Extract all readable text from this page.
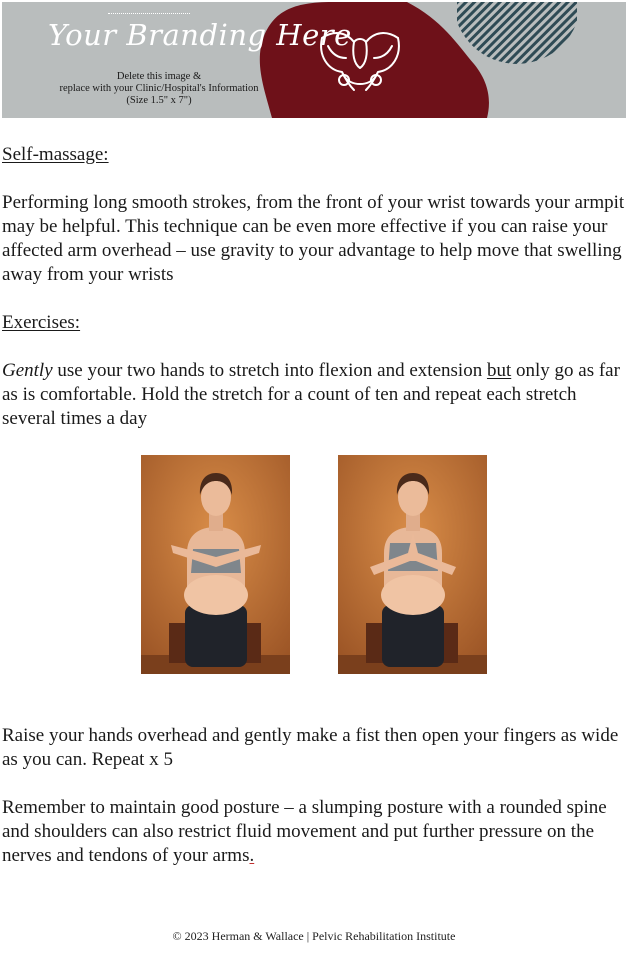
Your Branding Here
Delete this image &
replace with your Clinic/Hospital's Information
(Size 1.5" x 7")

Self-massage:

Performing long smooth strokes, from the front of your wrist towards your armpit may be helpful. This technique can be even more effective if you can raise your affected arm overhead – use gravity to your advantage to help move that swelling away from your wrists

Exercises:

Gently use your two hands to stretch into flexion and extension but only go as far as is comfortable. Hold the stretch for a count of ten and repeat each stretch several times a day

Raise your hands overhead and gently make a fist then open your fingers as wide as you can. Repeat x 5

Remember to maintain good posture – a slumping posture with a rounded spine and shoulders can also restrict fluid movement and put further pressure on the nerves and tendons of your arms.

© 2023 Herman & Wallace | Pelvic Rehabilitation Institute
